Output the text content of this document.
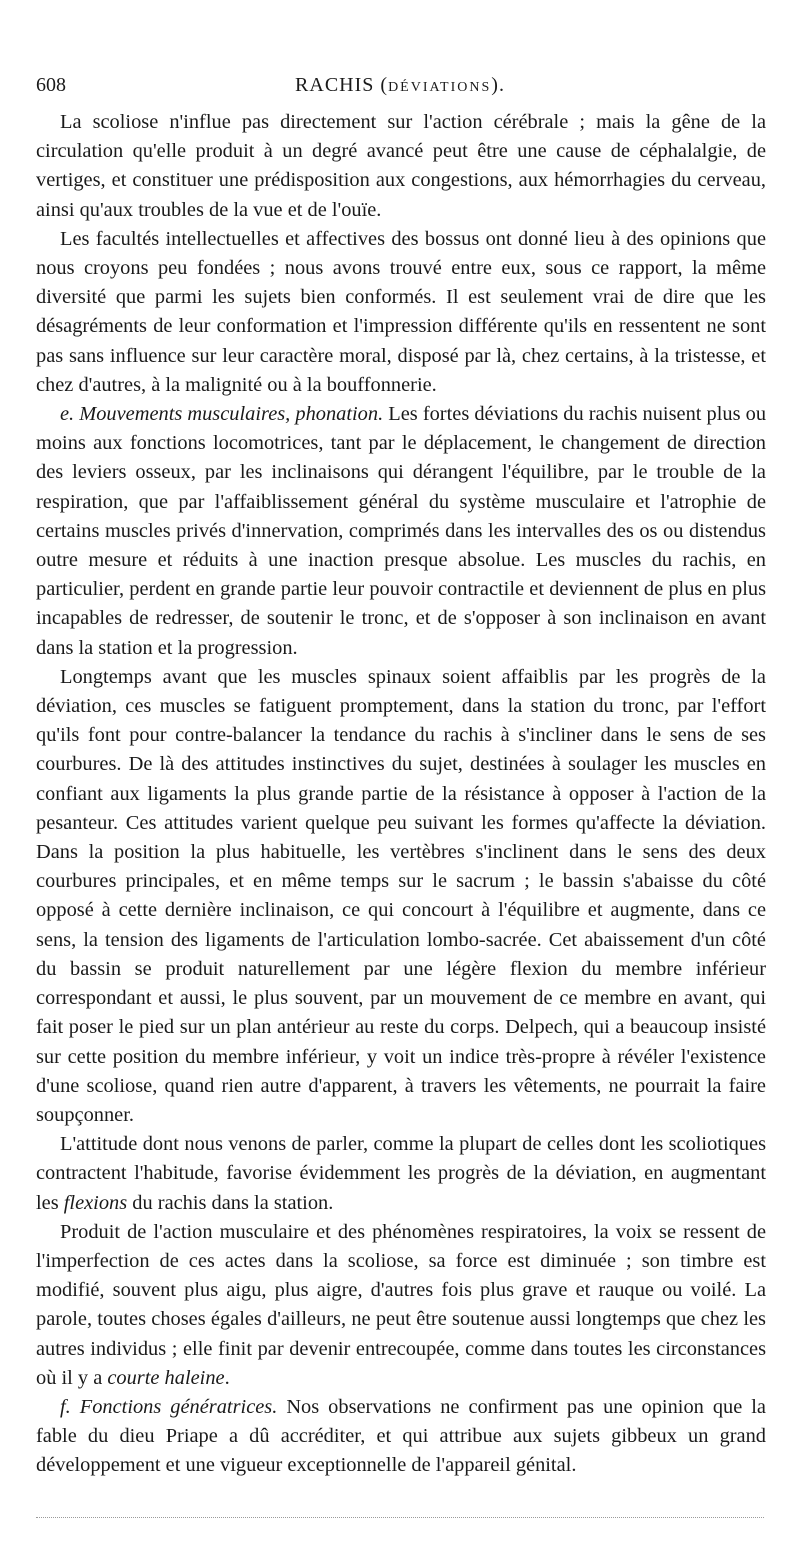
608	RACHIS (DÉVIATIONS).

La scoliose n'influe pas directement sur l'action cérébrale ; mais la gêne de la circulation qu'elle produit à un degré avancé peut être une cause de céphalalgie, de vertiges, et constituer une prédisposition aux congestions, aux hémorrhagies du cerveau, ainsi qu'aux troubles de la vue et de l'ouïe.

Les facultés intellectuelles et affectives des bossus ont donné lieu à des opinions que nous croyons peu fondées ; nous avons trouvé entre eux, sous ce rapport, la même diversité que parmi les sujets bien conformés. Il est seulement vrai de dire que les désagréments de leur conformation et l'impression différente qu'ils en ressentent ne sont pas sans influence sur leur caractère moral, disposé par là, chez certains, à la tristesse, et chez d'autres, à la malignité ou à la bouffonnerie.

e. Mouvements musculaires, phonation. Les fortes déviations du rachis nuisent plus ou moins aux fonctions locomotrices, tant par le déplacement, le changement de direction des leviers osseux, par les inclinaisons qui dérangent l'équilibre, par le trouble de la respiration, que par l'affaiblissement général du système musculaire et l'atrophie de certains muscles privés d'innervation, comprimés dans les intervalles des os ou distendus outre mesure et réduits à une inaction presque absolue. Les muscles du rachis, en particulier, perdent en grande partie leur pouvoir contractile et deviennent de plus en plus incapables de redresser, de soutenir le tronc, et de s'opposer à son inclinaison en avant dans la station et la progression.

Longtemps avant que les muscles spinaux soient affaiblis par les progrès de la déviation, ces muscles se fatiguent promptement, dans la station du tronc, par l'effort qu'ils font pour contre-balancer la tendance du rachis à s'incliner dans le sens de ses courbures. De là des attitudes instinctives du sujet, destinées à soulager les muscles en confiant aux ligaments la plus grande partie de la résistance à opposer à l'action de la pesanteur. Ces attitudes varient quelque peu suivant les formes qu'affecte la déviation. Dans la position la plus habituelle, les vertèbres s'inclinent dans le sens des deux courbures principales, et en même temps sur le sacrum ; le bassin s'abaisse du côté opposé à cette dernière inclinaison, ce qui concourt à l'équilibre et augmente, dans ce sens, la tension des ligaments de l'articulation lombo-sacrée. Cet abaissement d'un côté du bassin se produit naturellement par une légère flexion du membre inférieur correspondant et aussi, le plus souvent, par un mouvement de ce membre en avant, qui fait poser le pied sur un plan antérieur au reste du corps. Delpech, qui a beaucoup insisté sur cette position du membre inférieur, y voit un indice très-propre à révéler l'existence d'une scoliose, quand rien autre d'apparent, à travers les vêtements, ne pourrait la faire soupçonner.

L'attitude dont nous venons de parler, comme la plupart de celles dont les scoliotiques contractent l'habitude, favorise évidemment les progrès de la déviation, en augmentant les flexions du rachis dans la station.

Produit de l'action musculaire et des phénomènes respiratoires, la voix se ressent de l'imperfection de ces actes dans la scoliose, sa force est diminuée ; son timbre est modifié, souvent plus aigu, plus aigre, d'autres fois plus grave et rauque ou voilé. La parole, toutes choses égales d'ailleurs, ne peut être soutenue aussi longtemps que chez les autres individus ; elle finit par devenir entrecoupée, comme dans toutes les circonstances où il y a courte haleine.

f. Fonctions génératrices. Nos observations ne confirment pas une opinion que la fable du dieu Priape a dû accréditer, et qui attribue aux sujets gibbeux un grand développement et une vigueur exceptionnelle de l'appareil génital.
